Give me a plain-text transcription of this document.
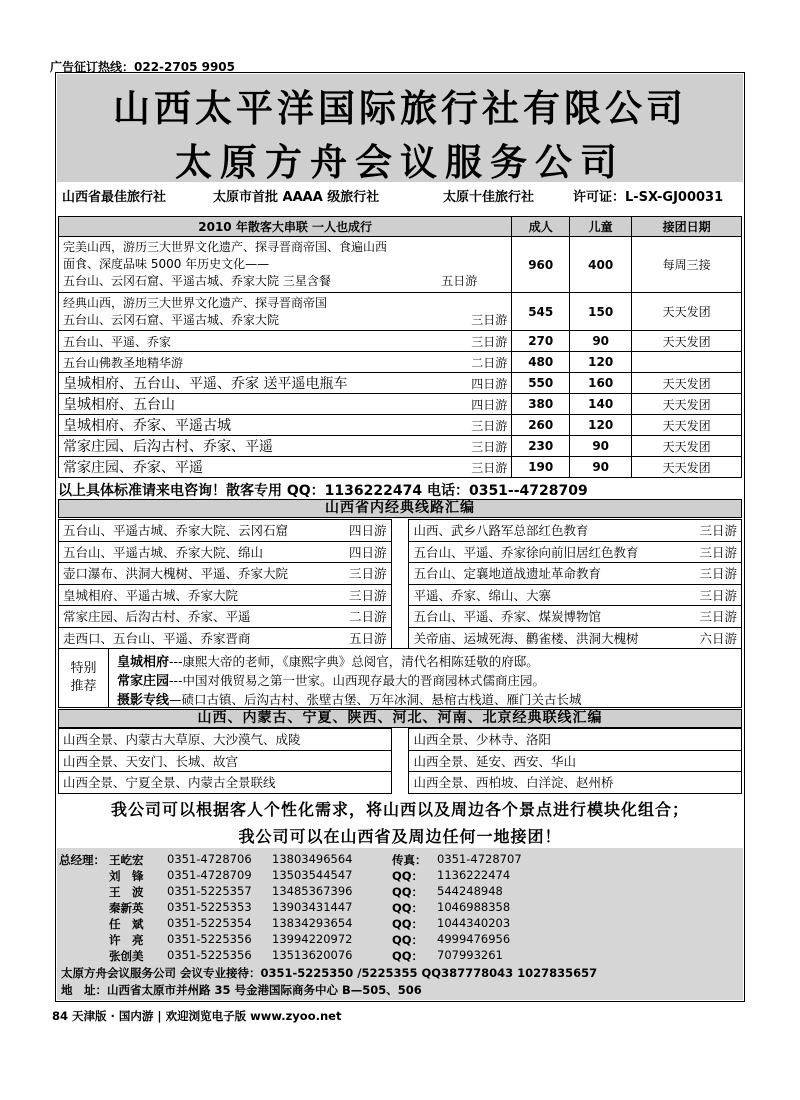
广告征订热线：022-2705 9905
山西太平洋国际旅行社有限公司
太原方舟会议服务公司
山西省最佳旅行社	太原市首批 AAAA 级旅行社	太原十佳旅行社	许可证：L-SX-GJ00031
2010 年散客大串联 一人也成行	成人	儿童	接团日期

完美山西，游历三大世界文化遗产、探寻晋商帝国、食遍山西
面食、深度品味 5000 年历史文化——
五台山、云冈石窟、平遥古城、乔家大院 三星含餐 五日游	960	400	每周三接

经典山西，游历三大世界文化遗产、探寻晋商帝国
五台山、云冈石窟、平遥古城、乔家大院 三日游	545	150	天天发团

五台山、平遥、乔家 三日游	270	90	天天发团

五台山佛教圣地精华游 二日游	480	120	

皇城相府、五台山、平遥、乔家 送平遥电瓶车 四日游	550	160	天天发团

皇城相府、五台山 四日游	380	140	天天发团

皇城相府、乔家、平遥古城 三日游	260	120	天天发团

常家庄园、后沟古村、乔家、平遥 三日游	230	90	天天发团

常家庄园、乔家、平遥 三日游	190	90	天天发团
以上具体标准请来电咨询！散客专用 QQ：1136222474 电话：0351--4728709
山西省内经典线路汇编
五台山、平遥古城、乔家大院、云冈石窟 四日游		山西、武乡八路军总部红色教育 三日游

五台山、平遥古城、乔家大院、绵山 四日游		五台山、平遥、乔家徐向前旧居红色教育 三日游

壶口瀑布、洪洞大槐树、平遥、乔家大院 三日游		五台山、定襄地道战遗址革命教育 三日游

皇城相府、平遥古城、乔家大院 三日游		平遥、乔家、绵山、大寨 三日游

常家庄园、后沟古村、乔家、平遥 二日游		五台山、平遥、乔家、煤炭博物馆 三日游

走西口、五台山、平遥、乔家晋商 五日游		关帝庙、运城死海、鹳雀楼、洪洞大槐树 六日游
特别
推荐
皇城相府---康熙大帝的老师，《康熙字典》总阅官，清代名相陈廷敬的府邸。
常家庄园---中国对俄贸易之第一世家。山西现存最大的晋商园林式儒商庄园。
摄影专线—碛口古镇、后沟古村、张壁古堡、万年冰洞、悬棺古栈道、雁门关古长城
山西、内蒙古、宁夏、陕西、河北、河南、北京经典联线汇编
山西全景、内蒙古大草原、大沙漠气、成陵		山西全景、少林寺、洛阳
山西全景、天安门、长城、故宫		山西全景、延安、西安、华山
山西全景、宁夏全景、内蒙古全景联线		山西全景、西柏坡、白洋淀、赵州桥
我公司可以根据客人个性化需求，将山西以及周边各个景点进行模块化组合；
我公司可以在山西省及周边任何一地接团！
总经理： 王屹宏 0351-4728706 13803496564	传真： 0351-4728707
刘　锋 0351-4728709 13503544547	QQ： 1136222474
王　波 0351-5225357 13485367396	QQ： 544248948
秦新英 0351-5225353 13903431447	QQ： 1046988358
任　斌 0351-5225354 13834293654	QQ： 1044340203
许　亮 0351-5225356 13994220972	QQ： 4999476956
张创美 0351-5225356 13513620076	QQ： 707993261
太原方舟会议服务公司 会议专业接待：0351-5225350 /5225355 QQ387778043 1027835657
地　址：山西省太原市并州路 35 号金港国际商务中心 B—505、506
84 天津版 · 国内游 | 欢迎浏览电子版 www.zyoo.net
